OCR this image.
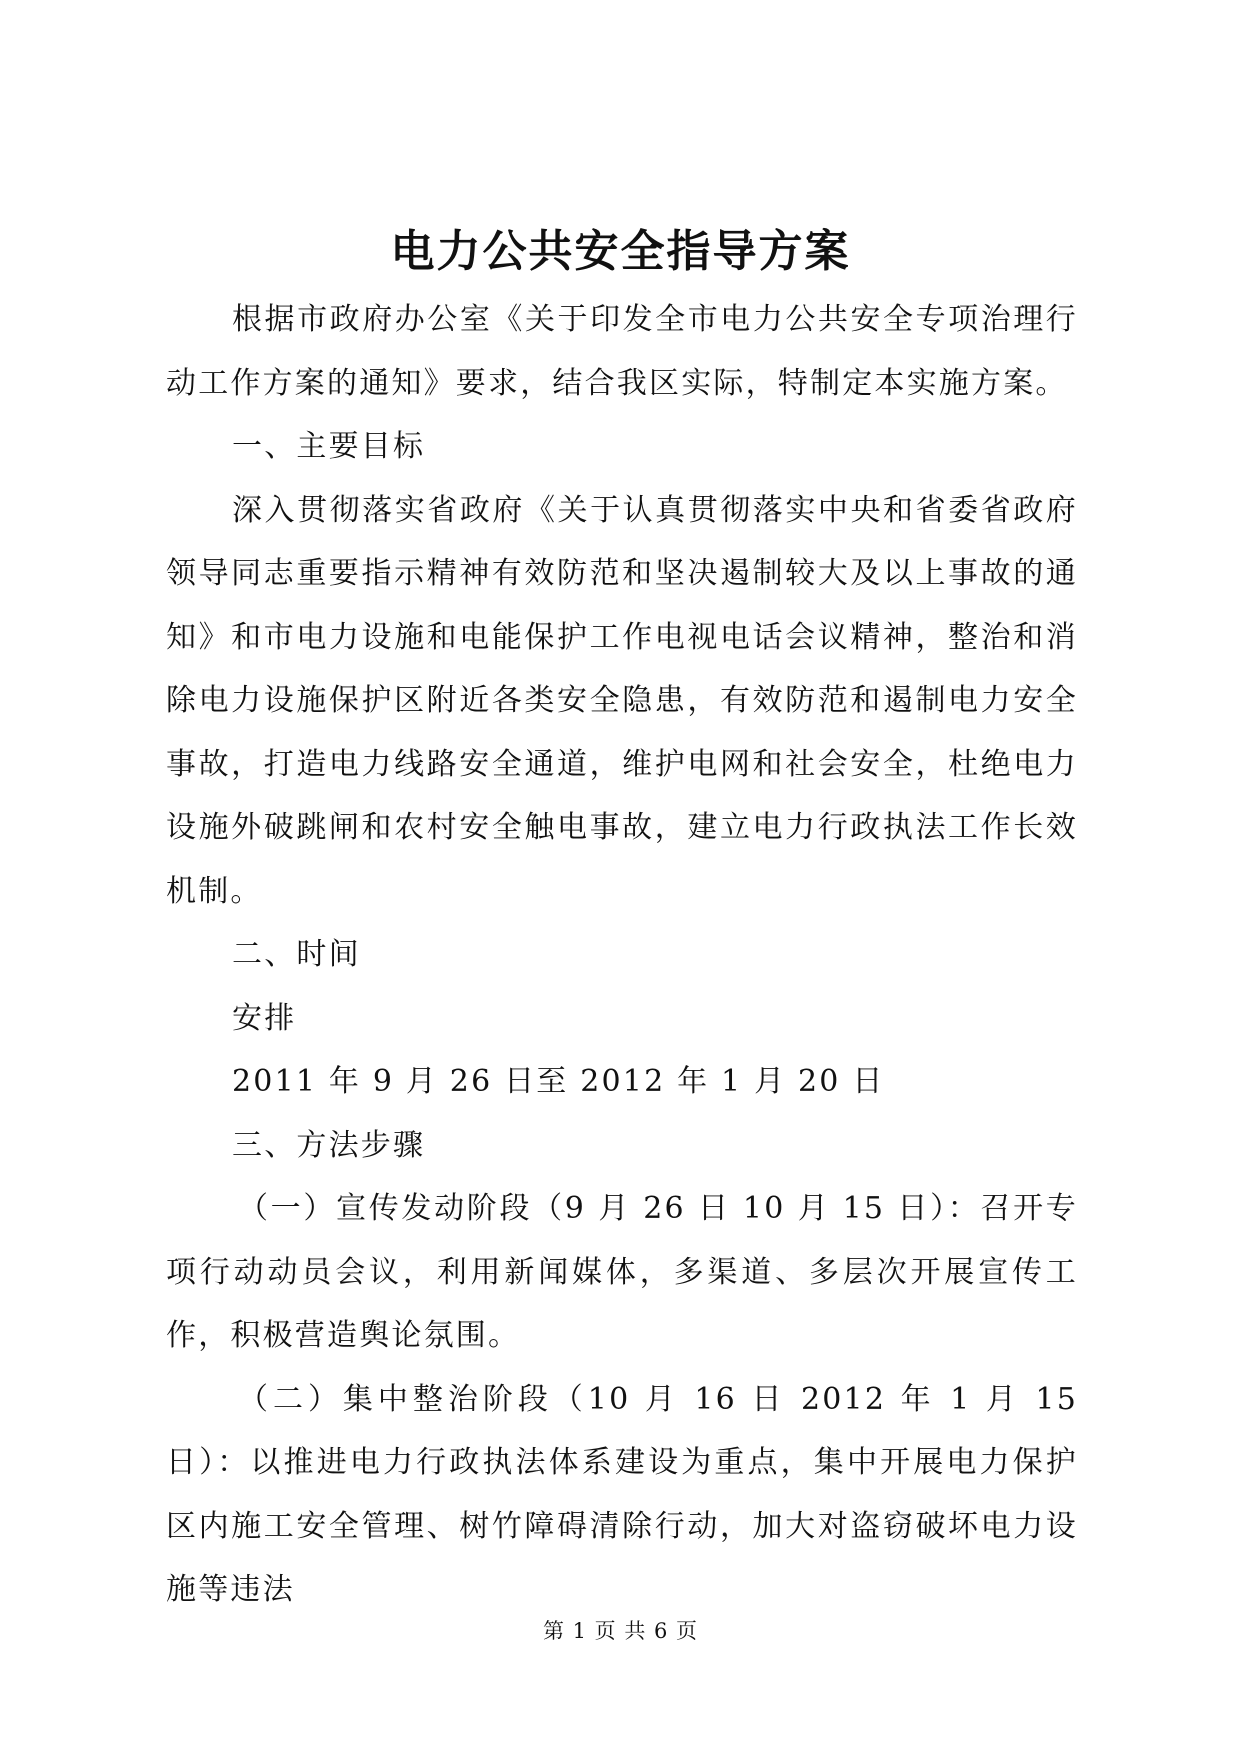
电力公共安全指导方案

根据市政府办公室《关于印发全市电力公共安全专项治理行动工作方案的通知》要求，结合我区实际，特制定本实施方案。

一、主要目标

深入贯彻落实省政府《关于认真贯彻落实中央和省委省政府领导同志重要指示精神有效防范和坚决遏制较大及以上事故的通知》和市电力设施和电能保护工作电视电话会议精神，整治和消除电力设施保护区附近各类安全隐患，有效防范和遏制电力安全事故，打造电力线路安全通道，维护电网和社会安全，杜绝电力设施外破跳闸和农村安全触电事故，建立电力行政执法工作长效机制。

二、时间

安排

2011 年 9 月 26 日至 2012 年 1 月 20 日

三、方法步骤

（一）宣传发动阶段（9 月 26 日 10 月 15 日）：召开专项行动动员会议，利用新闻媒体，多渠道、多层次开展宣传工作，积极营造舆论氛围。

（二）集中整治阶段（10 月 16 日 2012 年 1 月 15 日）：以推进电力行政执法体系建设为重点，集中开展电力保护区内施工安全管理、树竹障碍清除行动，加大对盗窃破坏电力设施等违法

第 1 页 共 6 页
